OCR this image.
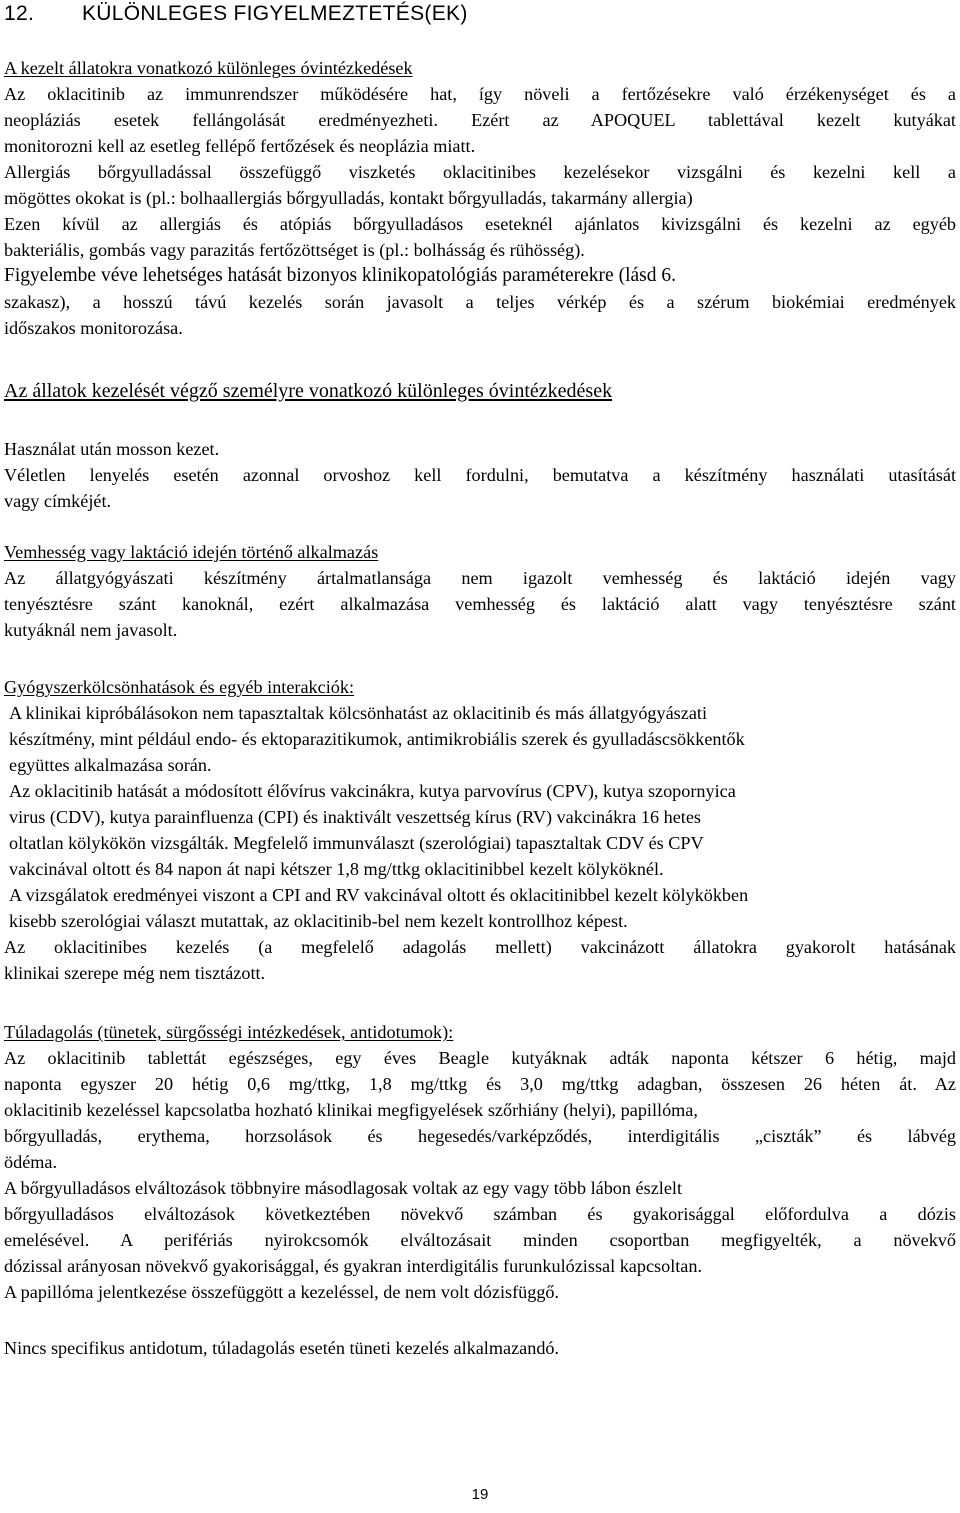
12. KÜLÖNLEGES FIGYELMEZTETÉS(EK)
A kezelt állatokra vonatkozó különleges óvintézkedések
Az oklacitinib az immunrendszer működésére hat, így növeli a fertőzésekre való érzékenységet és a
neopláziás esetek fellángolását eredményezheti. Ezért az APOQUEL tablettával kezelt kutyákat
monitorozni kell az esetleg fellépő fertőzések és neoplázia miatt.
Allergiás bőrgyulladással összefüggő viszketés oklacitinibes kezelésekor vizsgálni és kezelni kell a
mögöttes okokat is (pl.: bolhaallergiás bőrgyulladás, kontakt bőrgyulladás, takarmány allergia)
Ezen kívül az allergiás és atópiás bőrgyulladásos eseteknél ajánlatos kivizsgálni és kezelni az egyéb
bakteriális, gombás vagy parazitás fertőzöttséget is (pl.: bolhásság és rühösség).
Figyelembe véve lehetséges hatását bizonyos klinikopatológiás paraméterekre (lásd 6.
szakasz), a hosszú távú kezelés során javasolt a teljes vérkép és a szérum biokémiai eredmények
időszakos monitorozása.
Az állatok kezelését végző személyre vonatkozó különleges óvintézkedések
Használat után mosson kezet.
Véletlen lenyelés esetén azonnal orvoshoz kell fordulni, bemutatva a készítmény használati utasítását
vagy címkéjét.
Vemhesség vagy laktáció idején történő alkalmazás
Az állatgyógyászati készítmény ártalmatlansága nem igazolt vemhesség és laktáció idején vagy
tenyésztésre szánt kanoknál, ezért alkalmazása vemhesség és laktáció alatt vagy tenyésztésre szánt
kutyáknál nem javasolt.
Gyógyszerkölcsönhatások és egyéb interakciók:
A klinikai kipróbálásokon nem tapasztaltak kölcsönhatást az oklacitinib és más állatgyógyászati
készítmény, mint például endo- és ektoparazitikumok, antimikrobiális szerek és gyulladáscsökkentők
együttes alkalmazása során.
Az oklacitinib hatását a módosított élővírus vakcinákra, kutya parvovírus (CPV), kutya szopornyica
virus (CDV), kutya parainfluenza (CPI) és inaktivált veszettség kírus (RV) vakcinákra 16 hetes
oltatlan kölykökön vizsgálták. Megfelelő immunválaszt (szerológiai) tapasztaltak CDV és CPV
vakcinával oltott és 84 napon át napi kétszer 1,8 mg/ttkg oklacitinibbel kezelt kölyköknél.
A vizsgálatok eredményei viszont a CPI and RV vakcinával oltott és oklacitinibbel kezelt kölykökben
kisebb szerológiai választ mutattak, az oklacitinib-bel nem kezelt kontrollhoz képest.
Az oklacitinibes kezelés (a megfelelő adagolás mellett) vakcinázott állatokra gyakorolt hatásának
klinikai szerepe még nem tisztázott.
Túladagolás (tünetek, sürgősségi intézkedések, antidotumok):
Az oklacitinib tablettát egészséges, egy éves Beagle kutyáknak adták naponta kétszer 6 hétig, majd
naponta egyszer 20 hétig 0,6 mg/ttkg, 1,8 mg/ttkg és 3,0 mg/ttkg adagban, összesen 26 héten át. Az
oklacitinib kezeléssel kapcsolatba hozható klinikai megfigyelések szőrhiány (helyi), papillóma,
bőrgyulladás, erythema, horzsolások és hegesedés/varképződés, interdigitális „ciszták” és lábvég
ödéma.
A bőrgyulladásos elváltozások többnyire másodlagosak voltak az egy vagy több lábon észlelt
bőrgyulladásos elváltozások következtében növekvő számban és gyakorisággal előfordulva a dózis
emelésével. A perifériás nyirokcsomók elváltozásait minden csoportban megfigyelték, a növekvő
dózissal arányosan növekvő gyakorisággal, és gyakran interdigitális furunkulózissal kapcsoltan.
A papillóma jelentkezése összefüggött a kezeléssel, de nem volt dózisfüggő.
Nincs specifikus antidotum, túladagolás esetén tüneti kezelés alkalmazandó.
19
